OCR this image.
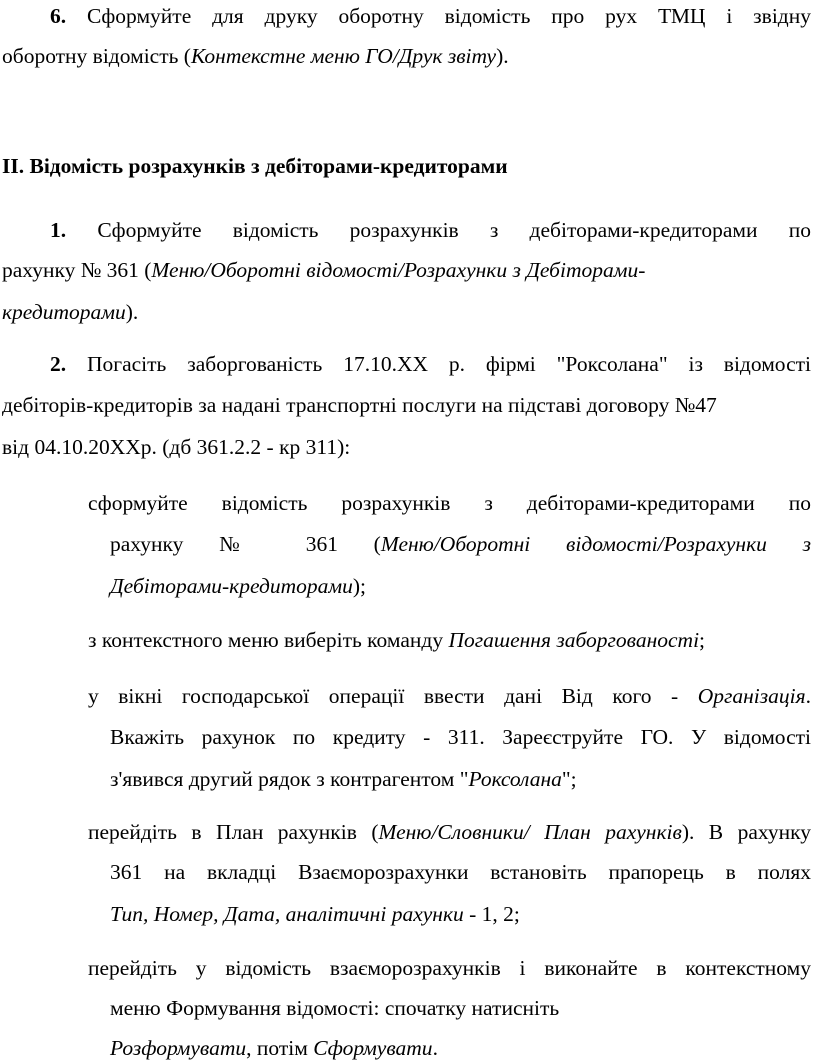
6. Сформуйте для друку оборотну відомість про рух ТМЦ і звідну
оборотну відомість (Контекстне меню ГО/Друк звіту).
II. Відомість розрахунків з дебіторами-кредиторами
1. Сформуйте відомість розрахунків з дебіторами-кредиторами по
рахунку № 361 (Меню/Оборотні відомості/Розрахунки з Дебіторами-
кредиторами).
2. Погасіть заборгованість 17.10.ХХ р. фірмі "Роксолана" із відомості
дебіторів-кредиторів за надані транспортні послуги на підставі договору №47
від 04.10.20ХХр. (дб 361.2.2 - кр 311):
сформуйте відомість розрахунків з дебіторами-кредиторами по
рахунку № 361 (Меню/Оборотні відомості/Розрахунки з
Дебіторами-кредиторами);
з контекстного меню виберіть команду Погашення заборгованості;
у вікні господарської операції ввести дані Від кого - Організація.
Вкажіть рахунок по кредиту - 311. Зареєструйте ГО. У відомості
з'явився другий рядок з контрагентом "Роксолана";
перейдіть в План рахунків (Меню/Словники/ План рахунків). В рахунку
361 на вкладці Взаєморозрахунки встановіть прапорець в полях
Тип, Номер, Дата, аналітичні рахунки - 1, 2;
перейдіть у відомість взаєморозрахунків і виконайте в контекстному
меню Формування відомості: спочатку натисніть
Розформувати, потім Сформувати.
